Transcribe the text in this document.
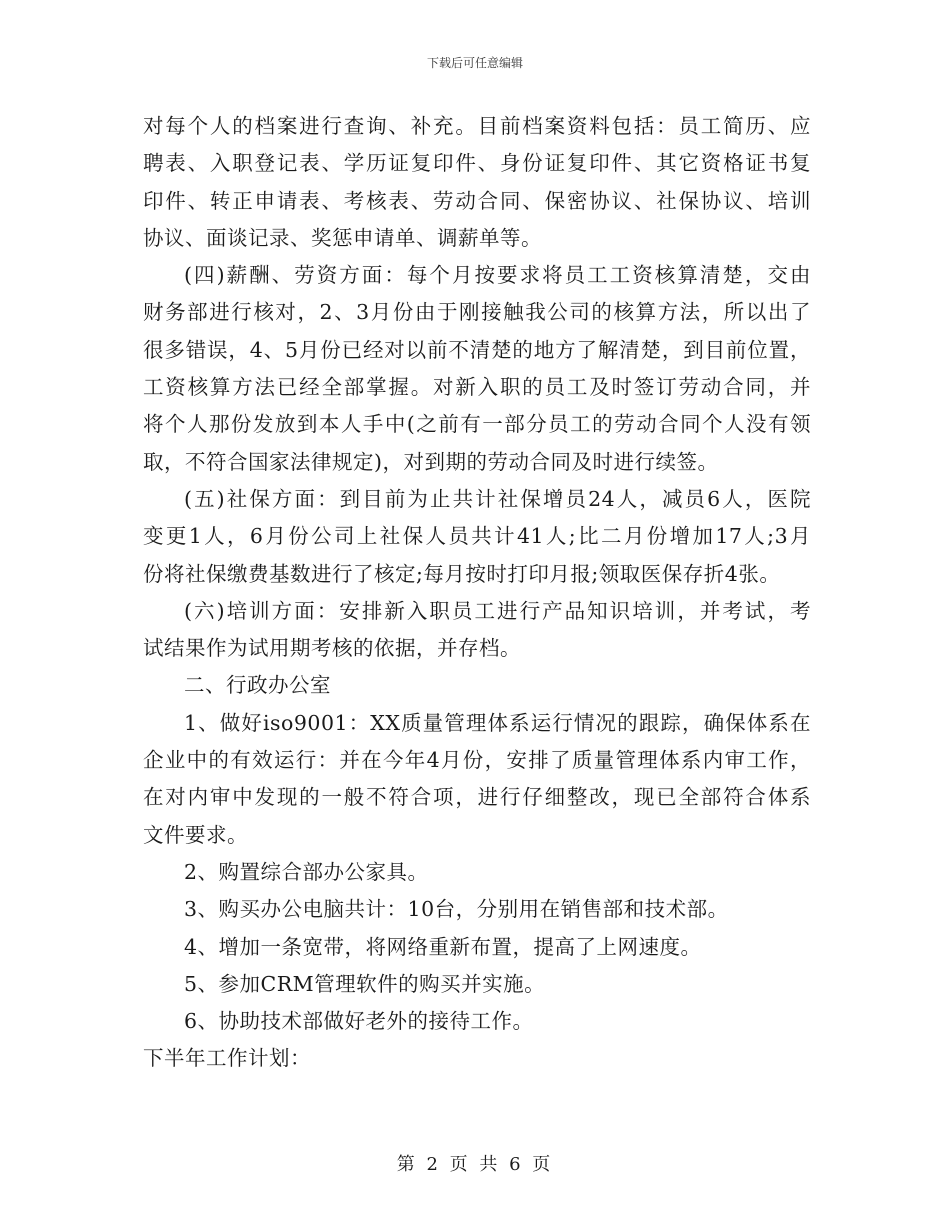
下载后可任意编辑
对每个人的档案进行查询、补充。目前档案资料包括：员工简历、应
聘表、入职登记表、学历证复印件、身份证复印件、其它资格证书复
印件、转正申请表、考核表、劳动合同、保密协议、社保协议、培训
协议、面谈记录、奖惩申请单、调薪单等。
(四)薪酬、劳资方面：每个月按要求将员工工资核算清楚，交由
财务部进行核对，2、3月份由于刚接触我公司的核算方法，所以出了
很多错误，4、5月份已经对以前不清楚的地方了解清楚，到目前位置，
工资核算方法已经全部掌握。对新入职的员工及时签订劳动合同，并
将个人那份发放到本人手中(之前有一部分员工的劳动合同个人没有领
取，不符合国家法律规定)，对到期的劳动合同及时进行续签。
(五)社保方面：到目前为止共计社保增员24人，减员6人，医院
变更1人，6月份公司上社保人员共计41人;比二月份增加17人;3月
份将社保缴费基数进行了核定;每月按时打印月报;领取医保存折4张。
(六)培训方面：安排新入职员工进行产品知识培训，并考试，考
试结果作为试用期考核的依据，并存档。
二、行政办公室
1、做好iso9001：XX质量管理体系运行情况的跟踪，确保体系在
企业中的有效运行：并在今年4月份，安排了质量管理体系内审工作，
在对内审中发现的一般不符合项，进行仔细整改，现已全部符合体系
文件要求。
2、购置综合部办公家具。
3、购买办公电脑共计：10台，分别用在销售部和技术部。
4、增加一条宽带，将网络重新布置，提高了上网速度。
5、参加CRM管理软件的购买并实施。
6、协助技术部做好老外的接待工作。
下半年工作计划：
第 2 页 共 6 页
